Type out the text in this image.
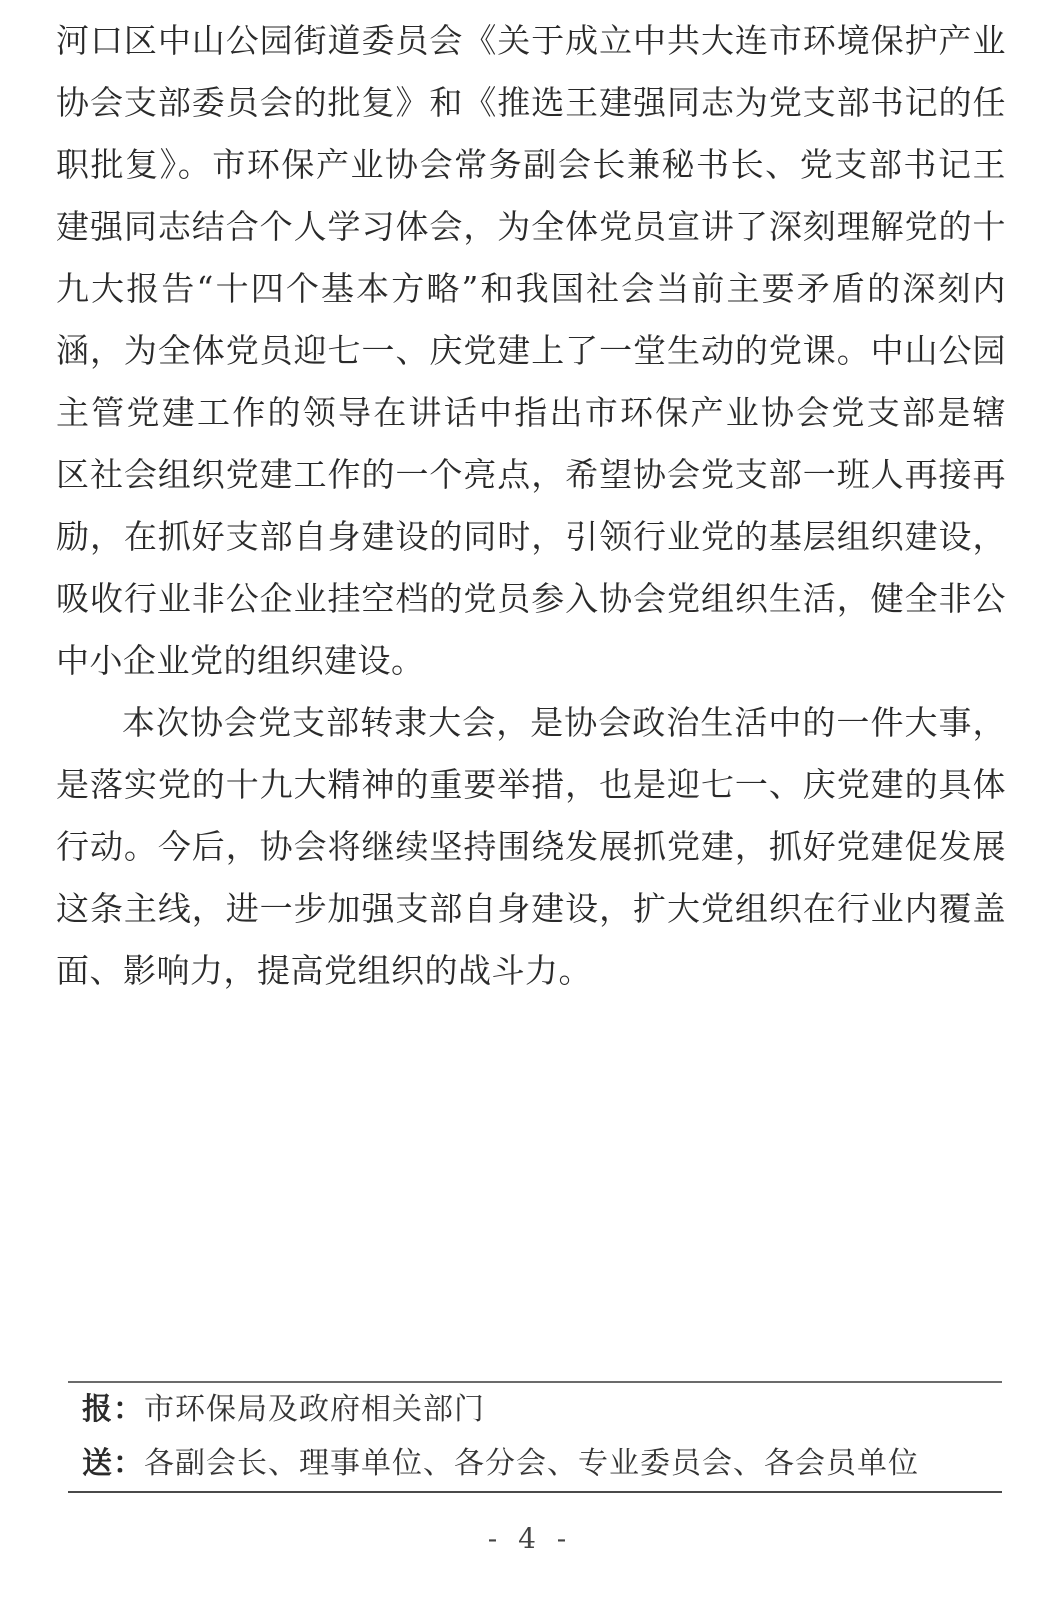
河口区中山公园街道委员会《关于成立中共大连市环境保护产业
协会支部委员会的批复》和《推选王建强同志为党支部书记的任
职批复》。市环保产业协会常务副会长兼秘书长、党支部书记王
建强同志结合个人学习体会，为全体党员宣讲了深刻理解党的十
九大报告“十四个基本方略”和我国社会当前主要矛盾的深刻内
涵，为全体党员迎七一、庆党建上了一堂生动的党课。中山公园
主管党建工作的领导在讲话中指出市环保产业协会党支部是辖
区社会组织党建工作的一个亮点，希望协会党支部一班人再接再
励，在抓好支部自身建设的同时，引领行业党的基层组织建设，
吸收行业非公企业挂空档的党员参入协会党组织生活，健全非公
中小企业党的组织建设。
本次协会党支部转隶大会，是协会政治生活中的一件大事，
是落实党的十九大精神的重要举措，也是迎七一、庆党建的具体
行动。今后，协会将继续坚持围绕发展抓党建，抓好党建促发展
这条主线，进一步加强支部自身建设，扩大党组织在行业内覆盖
面、影响力，提高党组织的战斗力。
报：市环保局及政府相关部门
送：各副会长、理事单位、各分会、专业委员会、各会员单位
- 4 -
